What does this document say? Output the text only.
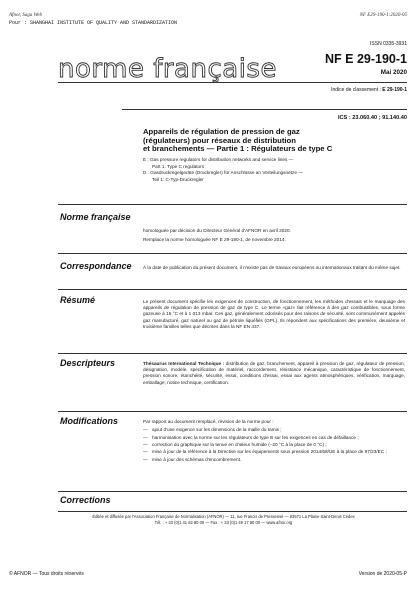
Afnor, Saga Web
Pour : SHANGHAI INSTITUTE OF QUALITY AND STANDARDIZATION
NF E29-190-1:2020-05
ISSN 0335-3931
norme française	NF E 29-190-1
Mai 2020
Indice de classement : E 29-190-1
ICS : 23.060.40 ; 91.140.40
Appareils de régulation de pression de gaz
(régulateurs) pour réseaux de distribution
et branchements — Partie 1 : Régulateurs de type C
E : Gas pressure regulators for distribution networks and service lines —
Part 1: Type C regulators
D : Gasdruckregelgeräte (Druckregler) für Anschlüsse an Verteilungsnetze —
Teil 1: C-Typ-Druckregler
Norme française
homologuée par décision du Directeur Général d'AFNOR en avril 2020.
Remplace la norme homologuée NF E 29-190-1, de novembre 2014.
Correspondance À la date de publication du présent document, il n'existe pas de travaux européens ou internationaux traitant du même sujet.
Résumé	Le présent document spécifie les exigences de construction, de fonctionnement, les méthodes d'essais et le marquage des appareils de régulation de pression de gaz de type C. Le terme «gaz» fait référence à des gaz combustibles, sous forme gazeuse à 15 °C et à 1 013 mbar. Ces gaz, généralement odorisés pour des raisons de sécurité, sont communément appelés gaz manufacturé, gaz naturel ou gaz de pétrole liquéfiés (GPL). Ils répondent aux spécifications des première, deuxième et troisième familles telles que décrites dans la NF EN 437.
Descripteurs	Thésaurus International Technique : distribution de gaz, branchement, appareil à pression de gaz, régulateur de pression, désignation, modèle, spécification de matériel, raccordement, résistance mécanique, caractéristique de fonctionnement, pression sonore, étanchéité, sécurité, essai, conditions d'essai, essai aux agents atmosphériques, vérification, marquage, emballage, notice technique, certification.
Modifications	Par rapport au document remplacé, révision de la norme pour :
— ajout d'une exigence sur les dimensions de la maille du tamis ;
— harmonisation avec la norme sur les régulateurs de type B sur les exigences en cas de défaillance ;
— correction du graphique sur la tenue en chaleur humide (–20 °C à la place de 0 °C) ;
— mise à jour de la référence à la Directive sur les équipements sous pression 2014/68/UE à la place de 97/23/EC ;
— mise à jour des schémas d'encombrement.
Corrections
Éditée et diffusée par l'Association Française de Normalisation (AFNOR) — 11, rue Francis de Pressensé — 93571 La Plaine Saint-Denis Cedex
Tél. : + 33 (0)1 41 62 80 00 — Fax : + 33 (0)1 49 17 90 00 — www.afnor.org
© AFNOR — Tous droits réservés	Version de 2020-05-P
